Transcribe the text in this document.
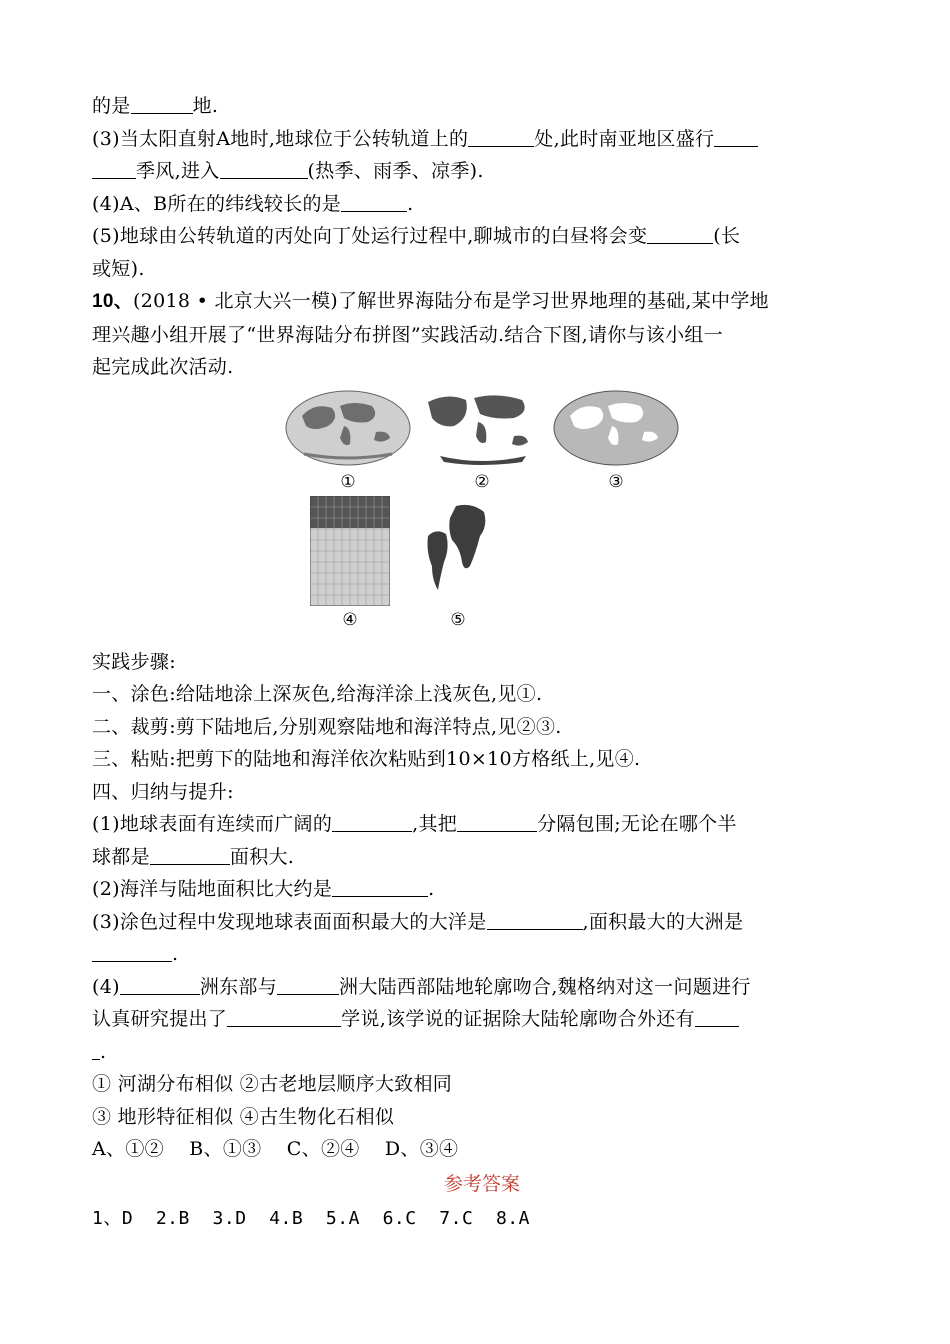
的是	地.
(3)当太阳直射A地时,地球位于公转轨道上的	处,此时南亚地区盛行
季风,进入	(热季、雨季、凉季).
(4)A、B所在的纬线较长的是	.
(5)地球由公转轨道的丙处向丁处运行过程中,聊城市的白昼将会变	(长
或短).
10、(2018 • 北京大兴一模)了解世界海陆分布是学习世界地理的基础,某中学地
理兴趣小组开展了“世界海陆分布拼图”实践活动.结合下图,请你与该小组一
起完成此次活动.
①	②	③
④	⑤
实践步骤:
一、涂色:给陆地涂上深灰色,给海洋涂上浅灰色,见①.
二、裁剪:剪下陆地后,分别观察陆地和海洋特点,见②③.
三、粘贴:把剪下的陆地和海洋依次粘贴到10×10方格纸上,见④.
四、归纳与提升:
(1)地球表面有连续而广阔的	,其把	分隔包围;无论在哪个半
球都是	面积大.
(2)海洋与陆地面积比大约是	.
(3)涂色过程中发现地球表面面积最大的大洋是	,面积最大的大洲是
.
(4)	洲东部与	洲大陆西部陆地轮廓吻合,魏格纳对这一问题进行
认真研究提出了	学说,该学说的证据除大陆轮廓吻合外还有
.
① 河湖分布相似 ②古老地层顺序大致相同
③ 地形特征相似 ④古生物化石相似
A、①②    B、①③    C、②④    D、③④
参考答案
1、D  2.B  3.D  4.B  5.A  6.C  7.C  8.A
